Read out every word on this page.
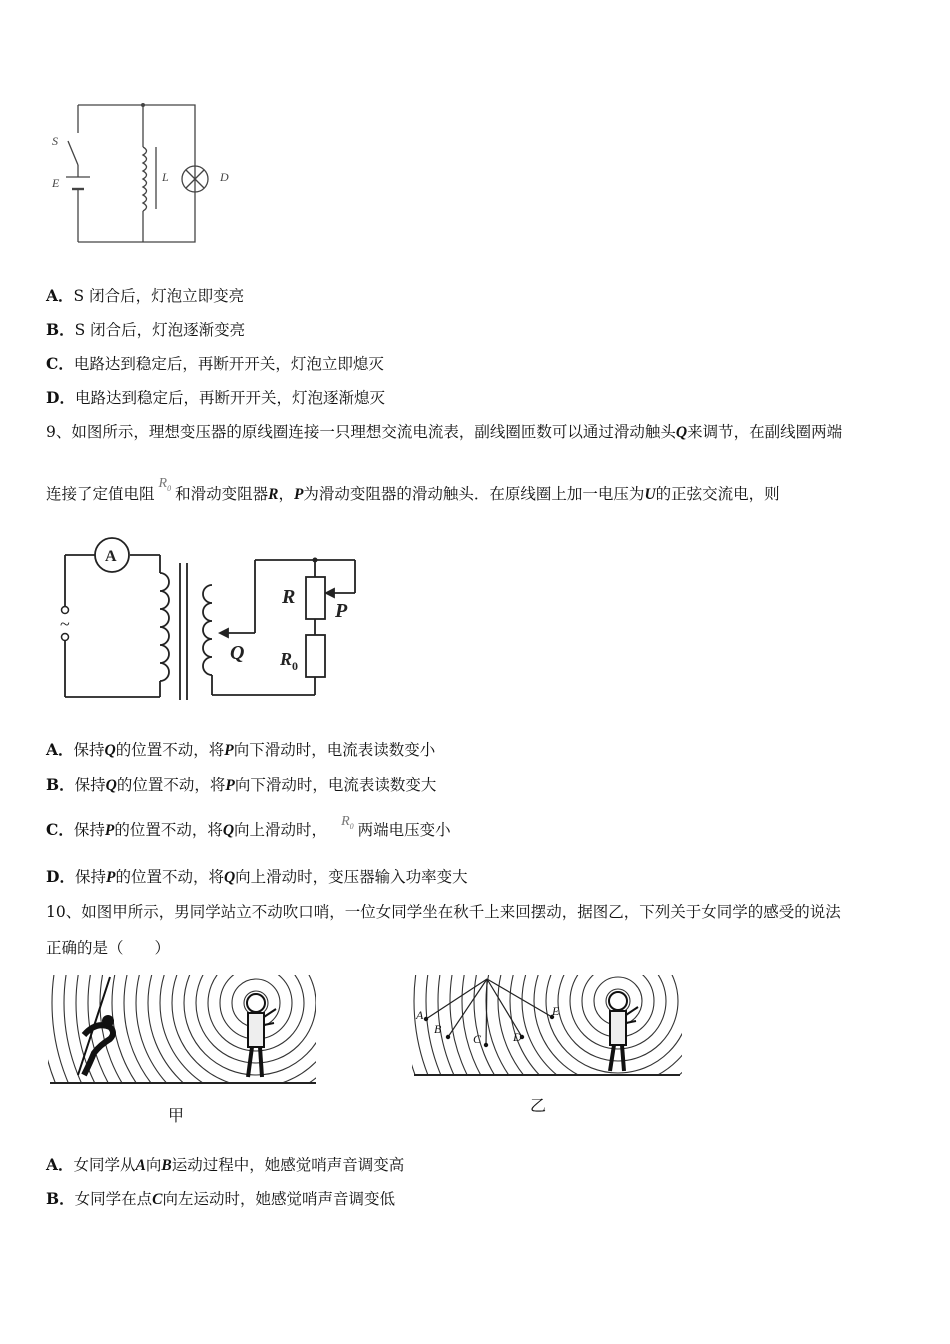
S
E	L	D
A．S 闭合后，灯泡立即变亮
B．S 闭合后，灯泡逐渐变亮
C．电路达到稳定后，再断开开关，灯泡立即熄灭
D．电路达到稳定后，再断开开关，灯泡逐渐熄灭
9、如图所示，理想变压器的原线圈连接一只理想交流电流表，副线圈匝数可以通过滑动触头Q来调节，在副线圈两端
连接了定值电阻$R_0$ 和滑动变阻器R，P为滑动变阻器的滑动触头．在原线圈上加一电压为U的正弦交流电，则
~
A
R
P
Q $R_0$
A．保持Q的位置不动，将P向下滑动时，电流表读数变小
B．保持Q的位置不动，将P向下滑动时，电流表读数变大
C．保持P的位置不动，将Q向上滑动时， $R_0$ 两端电压变小
D．保持P的位置不动，将Q向上滑动时，变压器输入功率变大
10、如图甲所示，男同学站立不动吹口哨，一位女同学坐在秋千上来回摆动，据图乙，下列关于女同学的感受的说法
正确的是（　　）
甲
A
B
C	D
E
乙
A．女同学从A向B运动过程中，她感觉哨声音调变高
B．女同学在点C向左运动时，她感觉哨声音调变低
